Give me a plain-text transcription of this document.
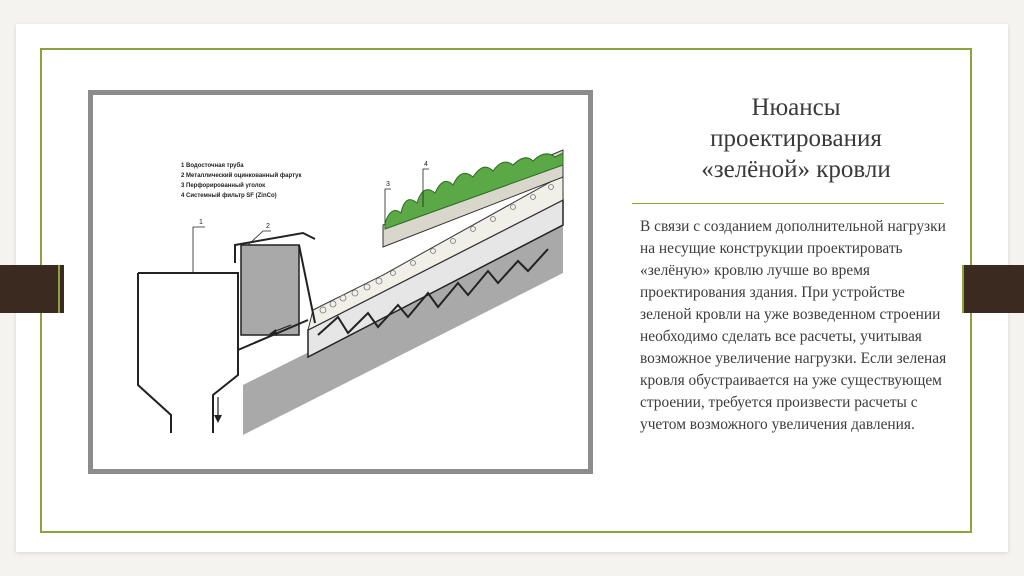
1
2
3
4
1 Водосточная труба
2 Металлический оцинкованный фартук
3 Перфорированный уголок
4 Системный фильтр SF (ZinCo)
Нюансы
проектирования
«зелёной» кровли
В связи с созданием дополнительной нагрузки на несущие конструкции проектировать «зелёную» кровлю лучше во время проектирования здания. При устройстве зеленой кровли на уже возведенном строении необходимо сделать все расчеты, учитывая возможное увеличение нагрузки. Если зеленая кровля обустраивается на уже существующем строении, требуется произвести расчеты с учетом возможного увеличения давления.
